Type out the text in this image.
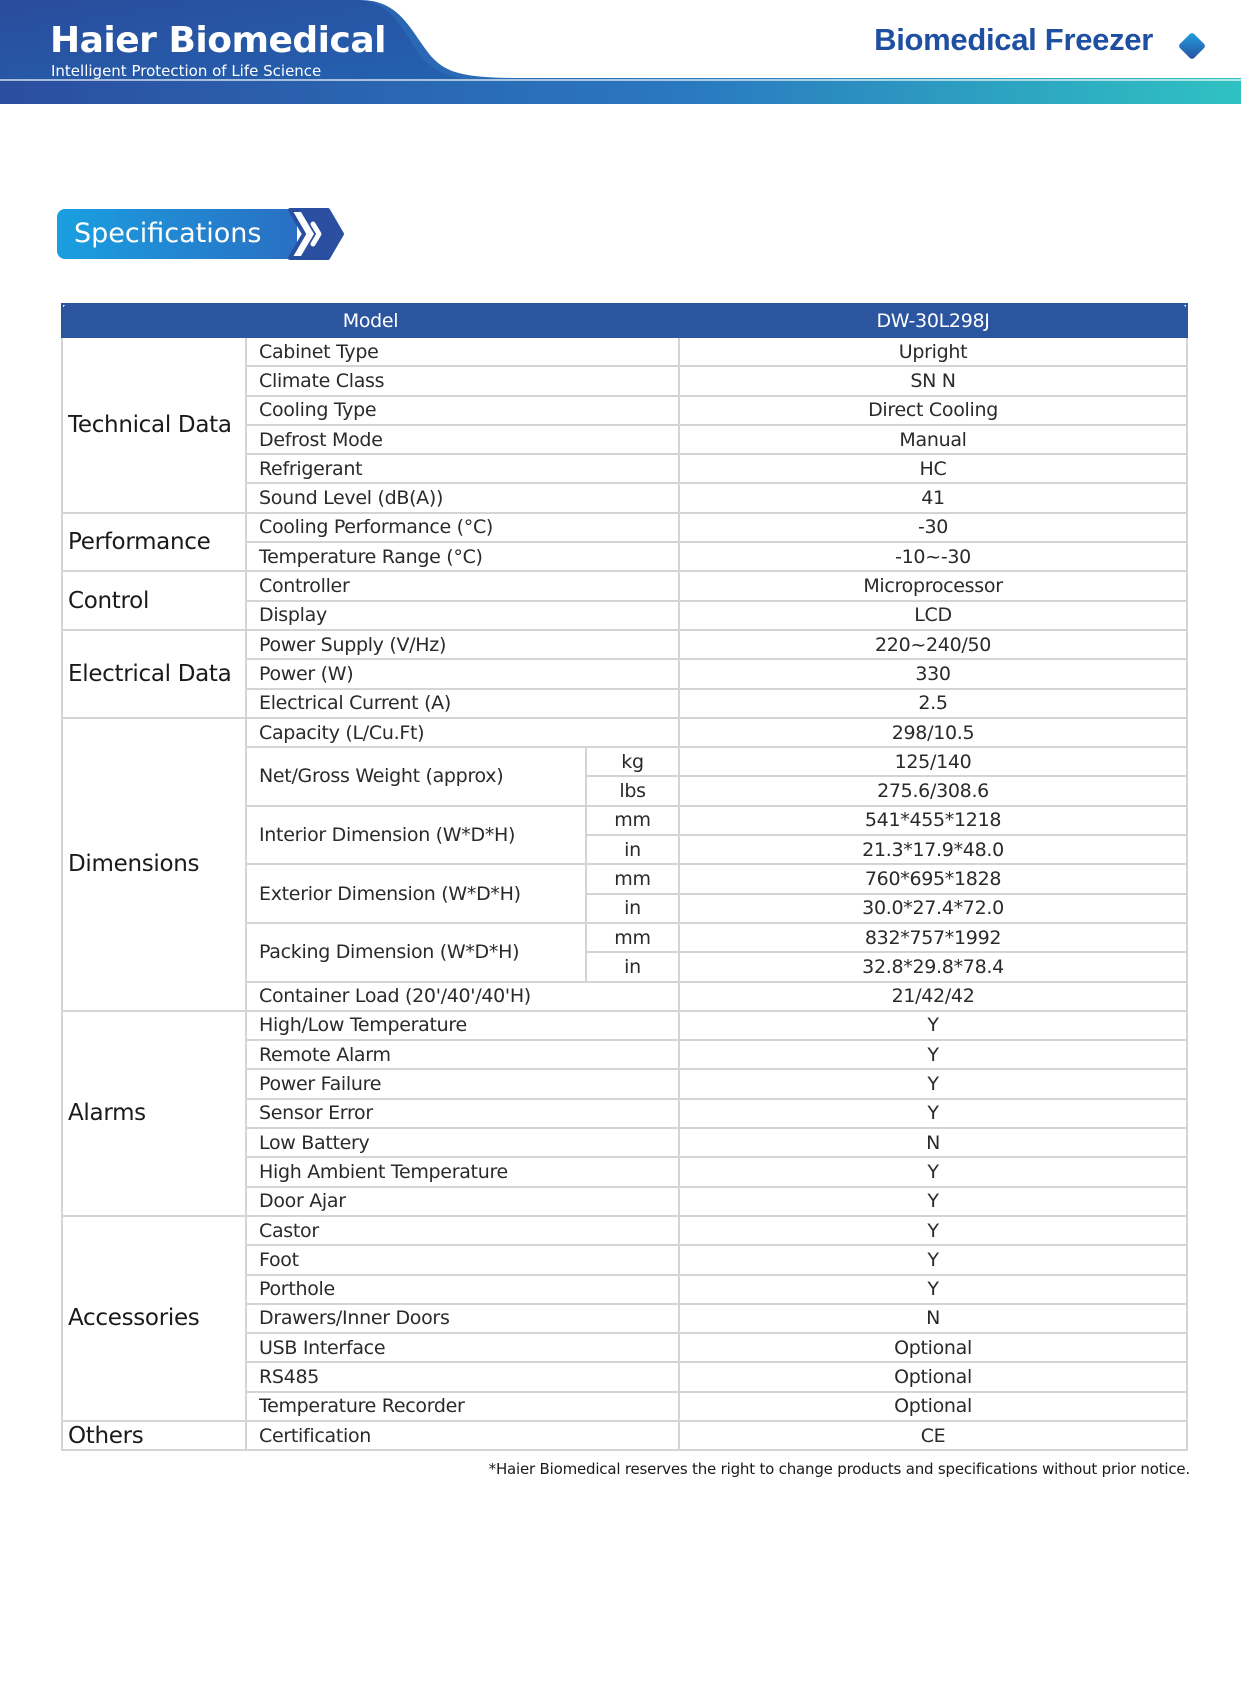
Haier Biomedical
Intelligent Protection of Life Science
Biomedical Freezer
Specifications
Model			DW-30L298J
Technical Data	Cabinet Type		Upright
	Climate Class		SN N
	Cooling Type		Direct Cooling
	Defrost Mode		Manual
	Refrigerant		HC
	Sound Level (dB(A))		41
Performance	Cooling Performance (°C)		-30
	Temperature Range (°C)		-10~-30
Control	Controller		Microprocessor
	Display		LCD
Electrical Data	Power Supply (V/Hz)		220~240/50
	Power (W)		330
	Electrical Current (A)		2.5
Dimensions	Capacity (L/Cu.Ft)		298/10.5
	Net/Gross Weight (approx)	kg	125/140
		lbs	275.6/308.6
	Interior Dimension (W*D*H)	mm	541*455*1218
		in	21.3*17.9*48.0
	Exterior Dimension (W*D*H)	mm	760*695*1828
		in	30.0*27.4*72.0
	Packing Dimension (W*D*H)	mm	832*757*1992
		in	32.8*29.8*78.4
	Container Load (20'/40'/40'H)		21/42/42
Alarms	High/Low Temperature		Y
	Remote Alarm		Y
	Power Failure		Y
	Sensor Error		Y
	Low Battery		N
	High Ambient Temperature		Y
	Door Ajar		Y
Accessories	Castor		Y
	Foot		Y
	Porthole		Y
	Drawers/Inner Doors		N
	USB Interface		Optional
	RS485		Optional
	Temperature Recorder		Optional
Others	Certification		CE
*Haier Biomedical reserves the right to change products and specifications without prior notice.
